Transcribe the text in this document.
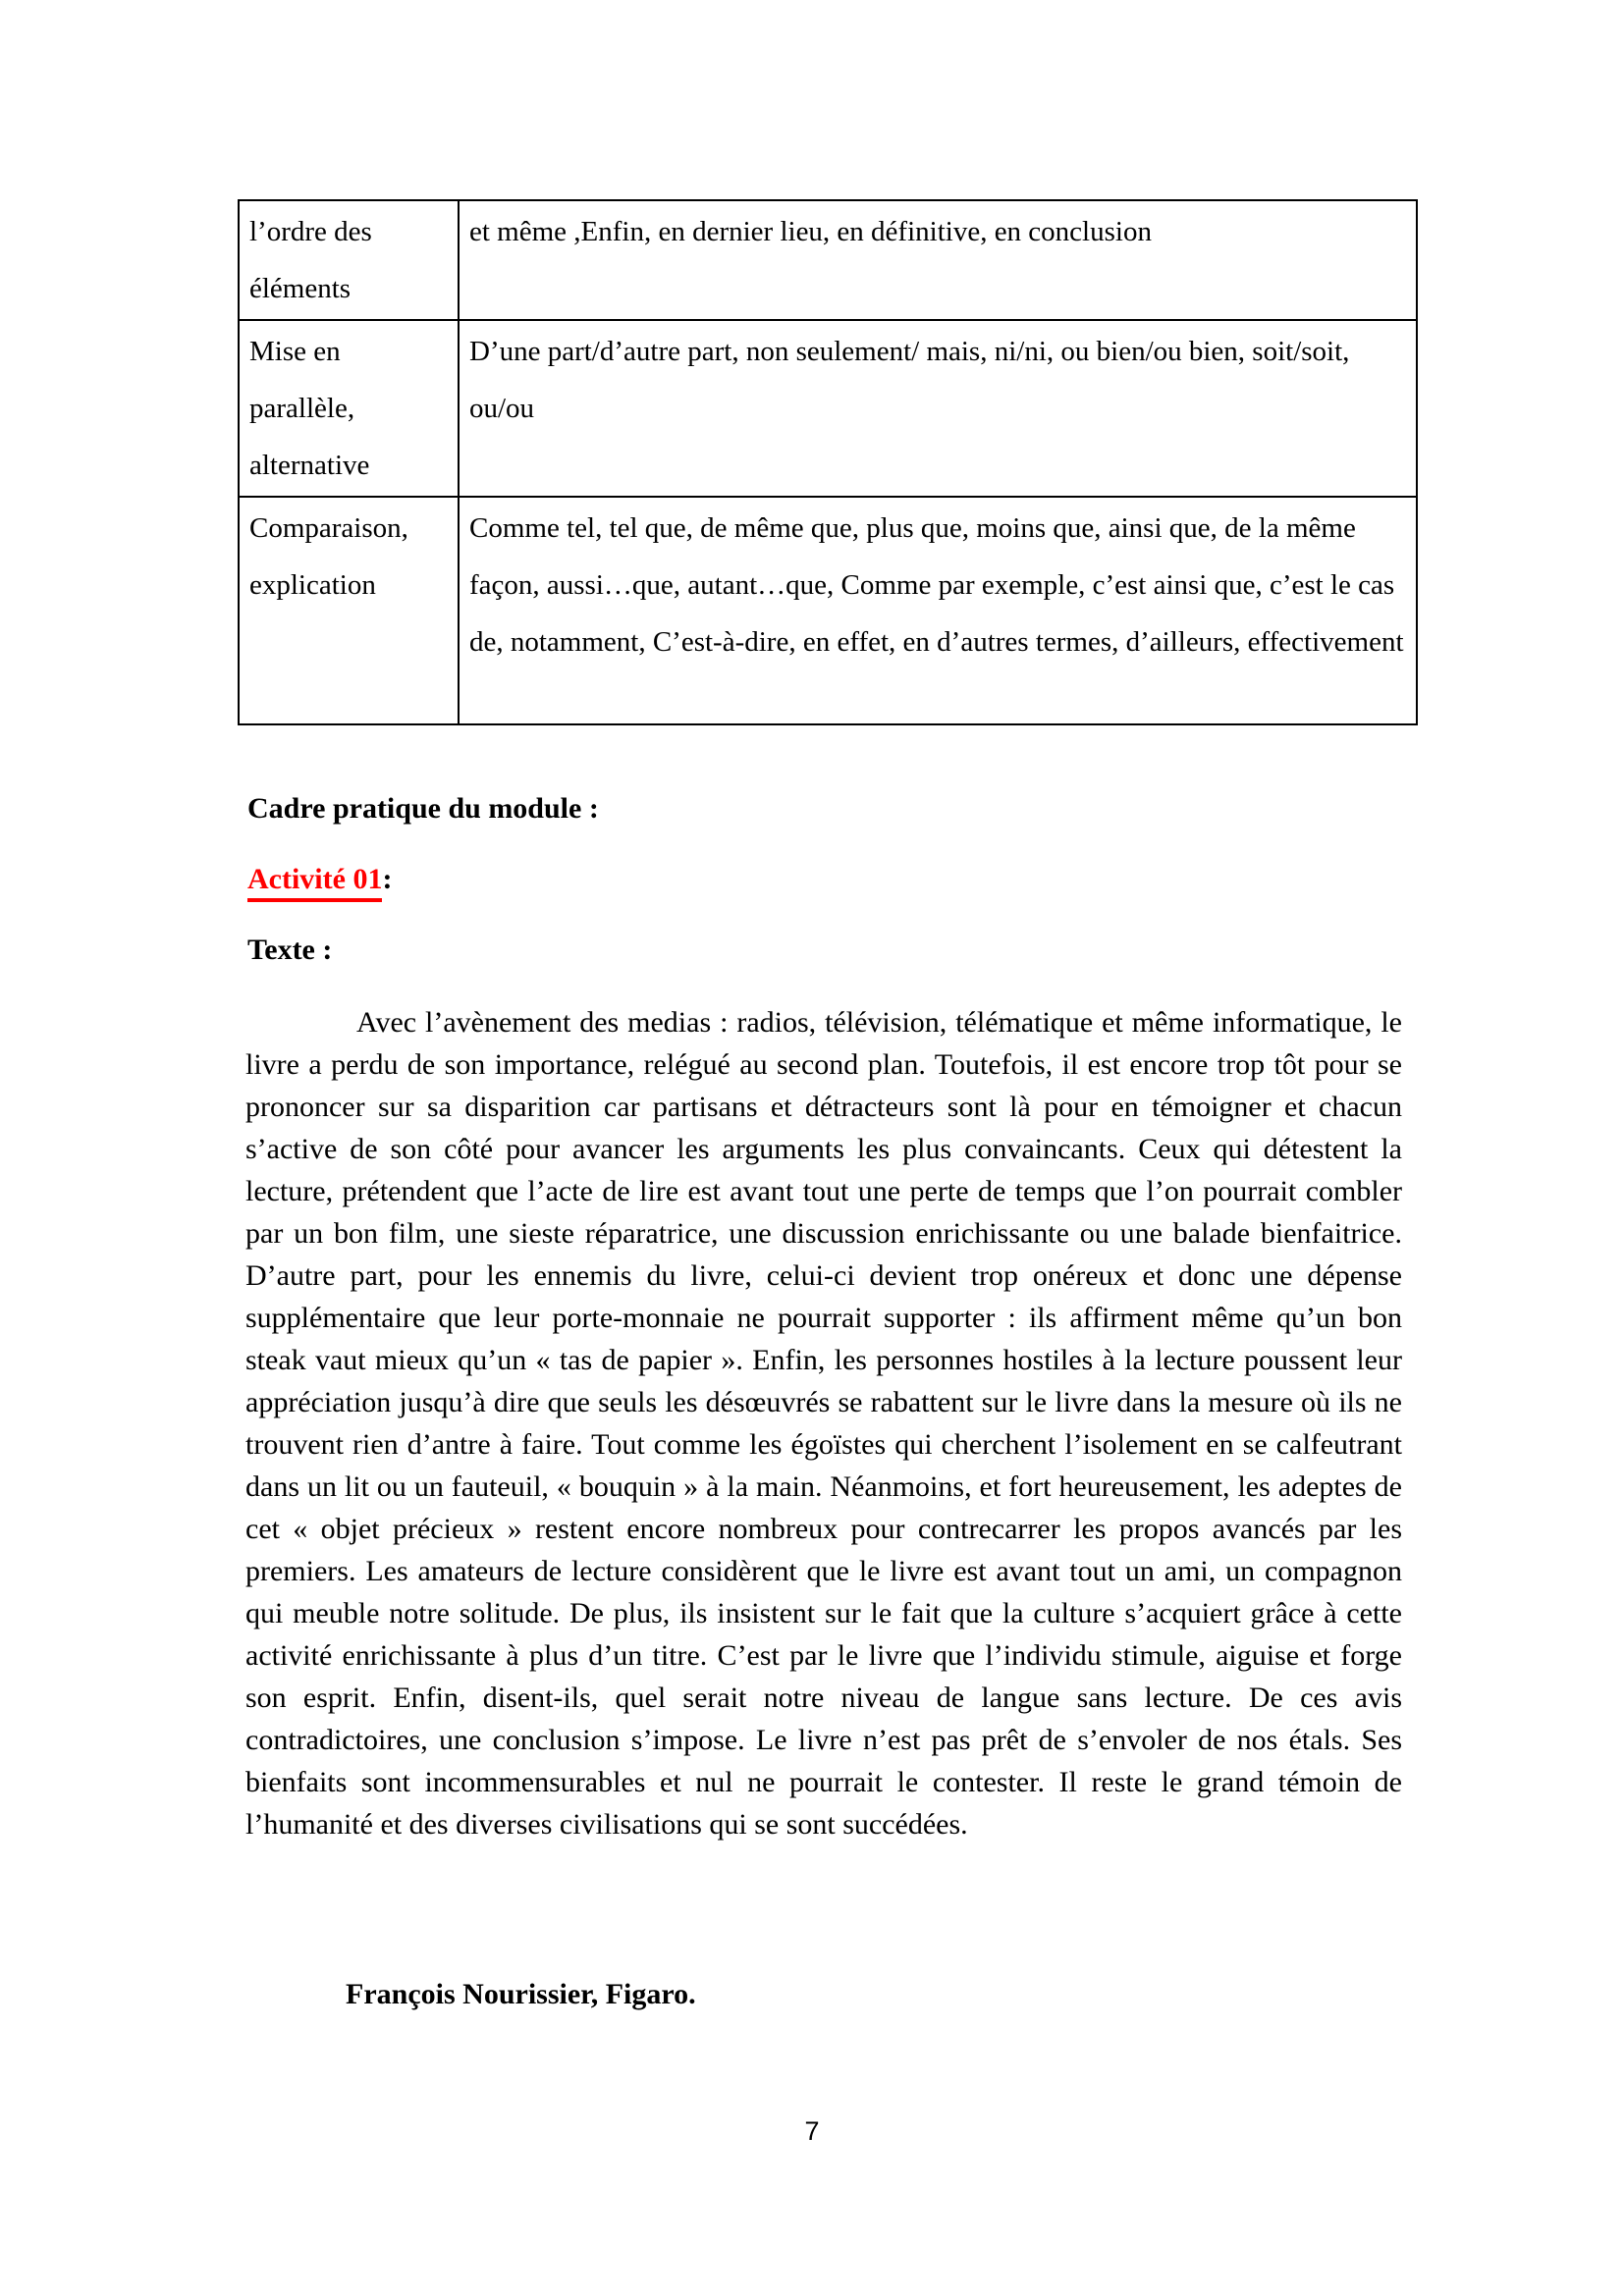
l’ordre des éléments	et même ,Enfin, en dernier lieu, en définitive, en conclusion
Mise en parallèle, alternative	D’une part/d’autre part, non seulement/ mais, ni/ni, ou bien/ou bien, soit/soit, ou/ou
Comparaison, explication	Comme tel, tel que, de même que, plus que, moins que, ainsi que, de la même façon, aussi…que, autant…que, Comme par exemple, c’est ainsi que, c’est le cas de, notamment, C’est-à-dire, en effet, en d’autres termes, d’ailleurs, effectivement
Cadre pratique du module :
Activité 01:
Texte :
Avec l’avènement des medias : radios, télévision, télématique et même informatique, le livre a perdu de son importance, relégué au second plan. Toutefois, il est encore trop tôt pour se prononcer sur sa disparition car partisans et détracteurs sont là pour en témoigner et chacun s’active de son côté pour avancer les arguments les plus convaincants. Ceux qui détestent la lecture, prétendent que l’acte de lire est avant tout une perte de temps que l’on pourrait combler par un bon film, une sieste réparatrice, une discussion enrichissante ou une balade bienfaitrice. D’autre part, pour les ennemis du livre, celui-ci devient trop onéreux et donc une dépense supplémentaire que leur porte-monnaie ne pourrait supporter : ils affirment même qu’un bon steak vaut mieux qu’un « tas de papier ». Enfin, les personnes hostiles à la lecture poussent leur appréciation jusqu’à dire que seuls les désœuvrés se rabattent sur le livre dans la mesure où ils ne trouvent rien d’antre à faire. Tout comme les égoïstes qui cherchent l’isolement en se calfeutrant dans un lit ou un fauteuil, « bouquin » à la main. Néanmoins, et fort heureusement, les adeptes de cet « objet précieux » restent encore nombreux pour contrecarrer les propos avancés par les premiers. Les amateurs de lecture considèrent que le livre est avant tout un ami, un compagnon qui meuble notre solitude. De plus, ils insistent sur le fait que la culture s’acquiert grâce à cette activité enrichissante à plus d’un titre. C’est par le livre que l’individu stimule, aiguise et forge son esprit. Enfin, disent-ils, quel serait notre niveau de langue sans lecture. De ces avis contradictoires, une conclusion s’impose. Le livre n’est pas prêt de s’envoler de nos étals. Ses bienfaits sont incommensurables et nul ne pourrait le contester. Il reste le grand témoin de l’humanité et des diverses civilisations qui se sont succédées.
François Nourissier, Figaro.
7
